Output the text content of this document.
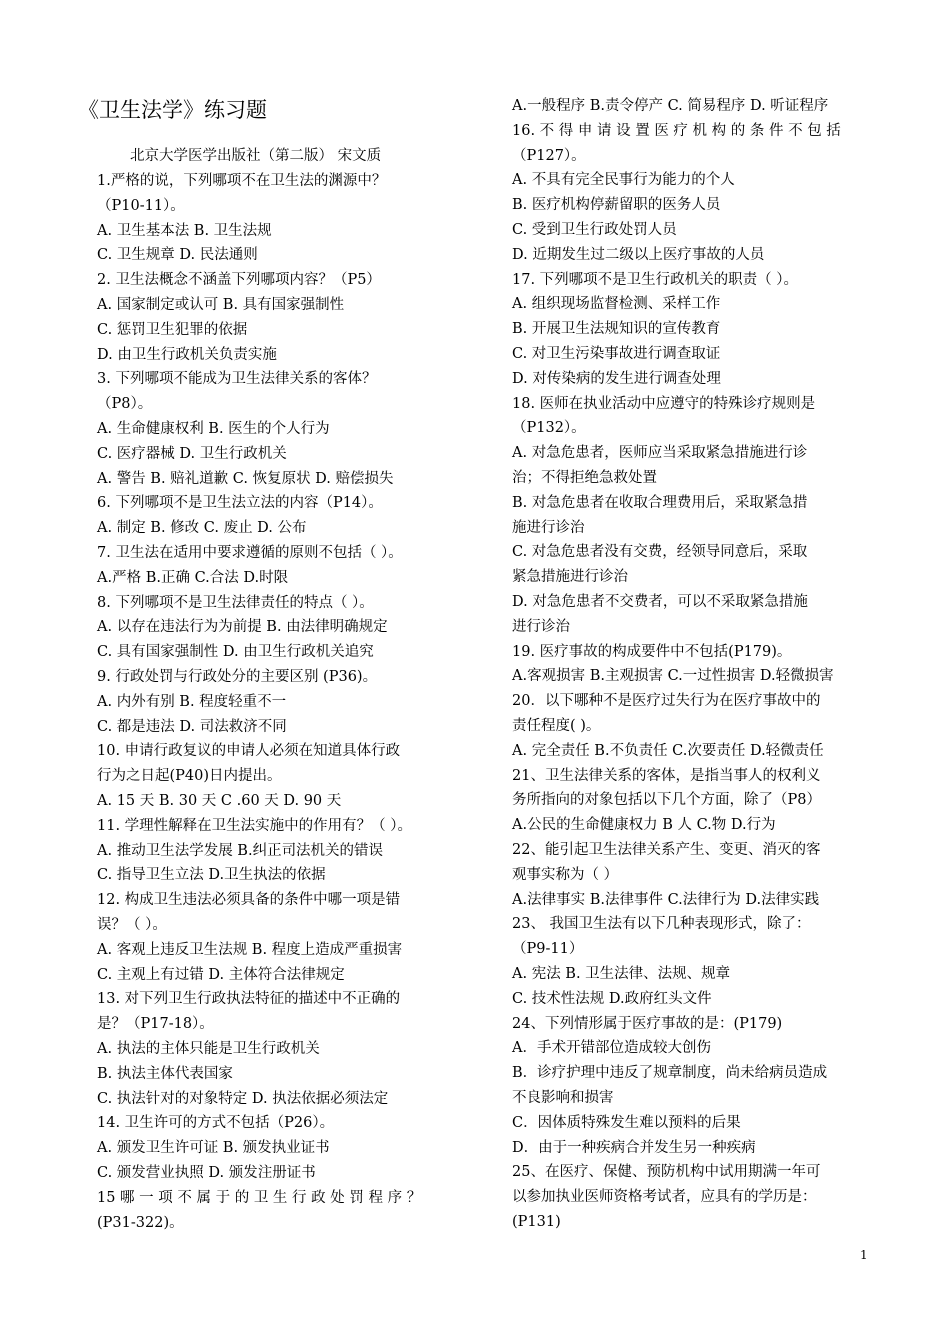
《卫生法学》练习题
北京大学医学出版社（第二版） 宋文质
1.严格的说，下列哪项不在卫生法的渊源中？
（P10-11）。
A. 卫生基本法 B. 卫生法规
C. 卫生规章 D. 民法通则
2. 卫生法概念不涵盖下列哪项内容？（P5）
A. 国家制定或认可 B. 具有国家强制性
C. 惩罚卫生犯罪的依据
D. 由卫生行政机关负责实施
3. 下列哪项不能成为卫生法律关系的客体？
（P8）。
A. 生命健康权利 B. 医生的个人行为
C. 医疗器械 D. 卫生行政机关
A. 警告 B. 赔礼道歉 C. 恢复原状 D. 赔偿损失
6. 下列哪项不是卫生法立法的内容（P14）。
A. 制定 B. 修改 C. 废止 D. 公布
7. 卫生法在适用中要求遵循的原则不包括（ ）。
A.严格 B.正确 C.合法 D.时限
8. 下列哪项不是卫生法律责任的特点（ ）。
A. 以存在违法行为为前提 B. 由法律明确规定
C. 具有国家强制性 D. 由卫生行政机关追究
9. 行政处罚与行政处分的主要区别 (P36)。
A. 内外有别 B. 程度轻重不一
C. 都是违法 D. 司法救济不同
10. 申请行政复议的申请人必须在知道具体行政
行为之日起(P40)日内提出。
A. 15 天 B. 30 天 C .60 天 D. 90 天
11. 学理性解释在卫生法实施中的作用有？（ ）。
A. 推动卫生法学发展 B.纠正司法机关的错误
C. 指导卫生立法 D.卫生执法的依据
12. 构成卫生违法必须具备的条件中哪一项是错
误？（ ）。
A. 客观上违反卫生法规 B. 程度上造成严重损害
C. 主观上有过错 D. 主体符合法律规定
13. 对下列卫生行政执法特征的描述中不正确的
是？（P17-18）。
A. 执法的主体只能是卫生行政机关
B. 执法主体代表国家
C. 执法针对的对象特定 D. 执法依据必须法定
14. 卫生许可的方式不包括（P26）。
A. 颁发卫生许可证 B. 颁发执业证书
C. 颁发营业执照 D. 颁发注册证书
15 哪 一 项 不 属 于 的 卫 生 行 政 处 罚 程 序 ？
(P31-322)。
A.一般程序 B.责令停产 C. 简易程序 D. 听证程序
16. 不 得 申 请 设 置 医 疗 机 构 的 条 件 不 包 括
（P127）。
A. 不具有完全民事行为能力的个人
B. 医疗机构停薪留职的医务人员
C. 受到卫生行政处罚人员
D. 近期发生过二级以上医疗事故的人员
17. 下列哪项不是卫生行政机关的职责（ ）。
A. 组织现场监督检测、采样工作
B. 开展卫生法规知识的宣传教育
C. 对卫生污染事故进行调查取证
D. 对传染病的发生进行调查处理
18. 医师在执业活动中应遵守的特殊诊疗规则是
（P132）。
A. 对急危患者，医师应当采取紧急措施进行诊
治；不得拒绝急救处置
B. 对急危患者在收取合理费用后，采取紧急措
施进行诊治
C. 对急危患者没有交费，经领导同意后，采取
紧急措施进行诊治
D. 对急危患者不交费者，可以不采取紧急措施
进行诊治
19. 医疗事故的构成要件中不包括(P179)。
A.客观损害 B.主观损害 C.一过性损害 D.轻微损害
20．以下哪种不是医疗过失行为在医疗事故中的
责任程度( )。
A. 完全责任 B.不负责任 C.次要责任 D.轻微责任
21、卫生法律关系的客体，是指当事人的权利义
务所指向的对象包括以下几个方面，除了（P8）
A.公民的生命健康权力 B 人 C.物 D.行为
22、能引起卫生法律关系产生、变更、消灭的客
观事实称为（ ）
A.法律事实 B.法律事件 C.法律行为 D.法律实践
23、 我国卫生法有以下几种表现形式，除了：
（P9-11）
A. 宪法 B. 卫生法律、法规、规章
C. 技术性法规 D.政府红头文件
24、下列情形属于医疗事故的是：(P179)
A．手术开错部位造成较大创伤
B．诊疗护理中违反了规章制度，尚未给病员造成
不良影响和损害
C．因体质特殊发生难以预料的后果
D．由于一种疾病合并发生另一种疾病
25、在医疗、保健、预防机构中试用期满一年可
以参加执业医师资格考试者，应具有的学历是：
(P131)
1
